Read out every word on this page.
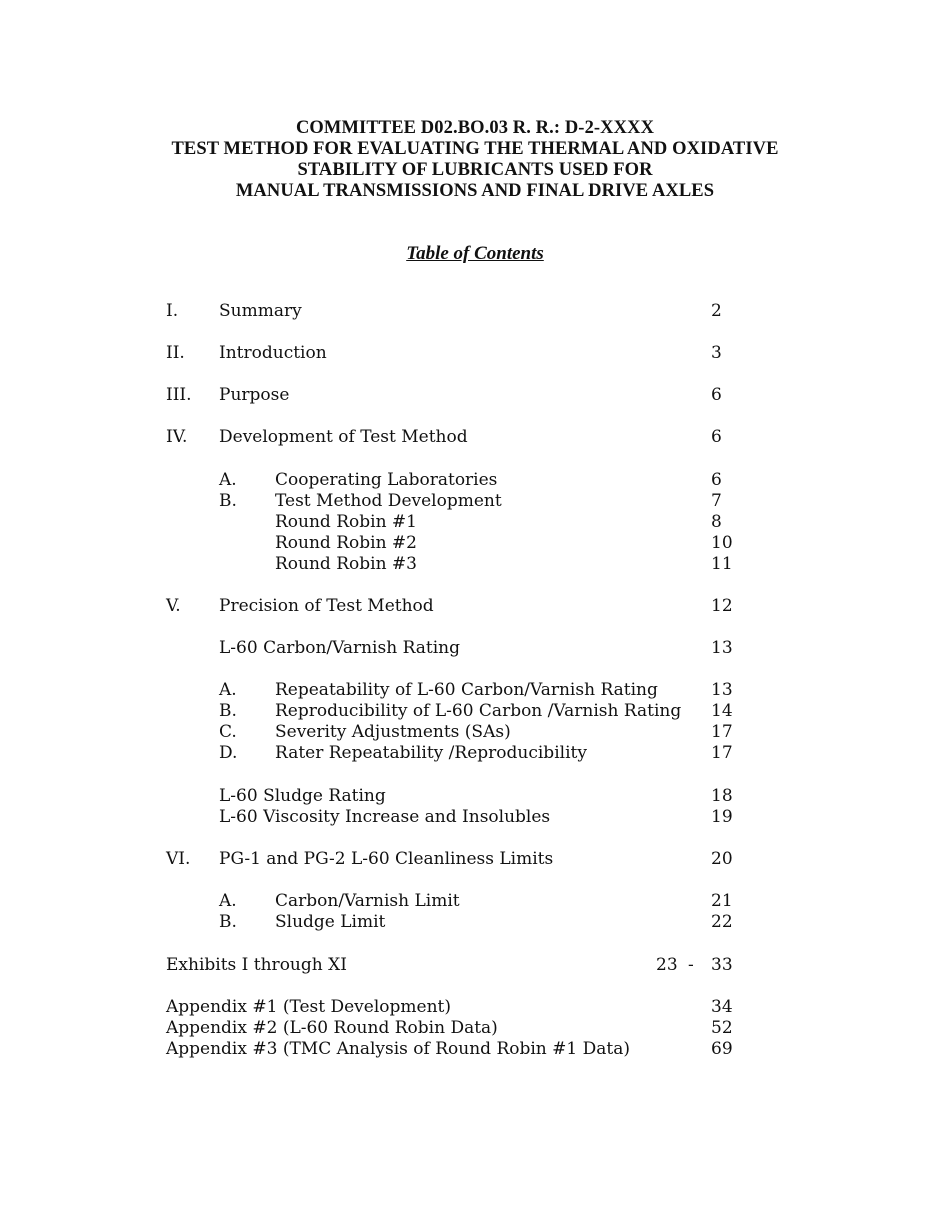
COMMITTEE D02.BO.03 R. R.: D-2-XXXX
TEST METHOD FOR EVALUATING THE THERMAL AND OXIDATIVE
STABILITY OF LUBRICANTS USED FOR
MANUAL TRANSMISSIONS AND FINAL DRIVE AXLES
Table of Contents
I. Summary	2
II. Introduction	3
III. Purpose	6
IV. Development of Test Method	6
A. Cooperating Laboratories	6
B. Test Method Development	7
Round Robin #1	8
Round Robin #2	10
Round Robin #3	11
V. Precision of Test Method	12
L-60 Carbon/Varnish Rating	13
A. Repeatability of L-60 Carbon/Varnish Rating	13
B. Reproducibility of L-60 Carbon /Varnish Rating 14
C. Severity Adjustments (SAs)	17
D. Rater Repeatability /Reproducibility	17
L-60 Sludge Rating	18
L-60 Viscosity Increase and Insolubles	19
VI. PG-1 and PG-2 L-60 Cleanliness Limits	20
A. Carbon/Varnish Limit	21
B. Sludge Limit	22
Exhibits I through XI	23 - 33
Appendix #1 (Test Development)	34
Appendix #2 (L-60 Round Robin Data)	52
Appendix #3 (TMC Analysis of Round Robin #1 Data)	69
